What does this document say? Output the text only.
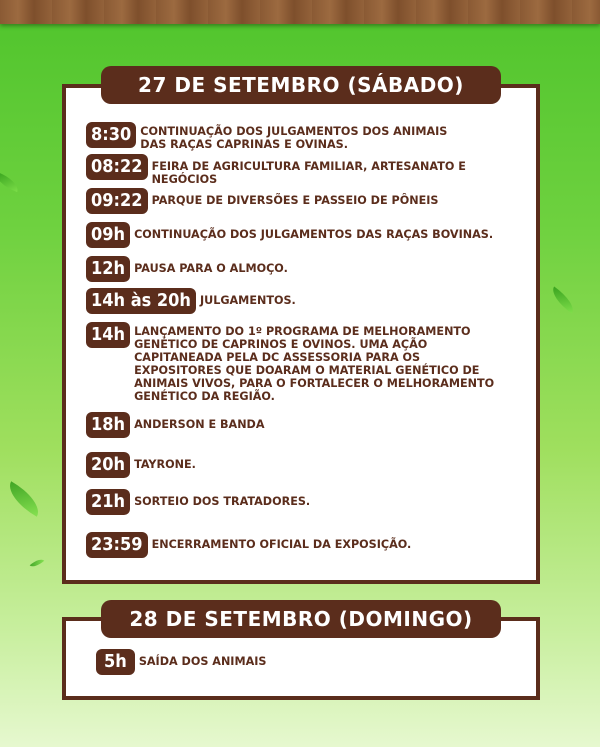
27 DE SETEMBRO (SÁBADO)
28 DE SETEMBRO (DOMINGO)
8:30 CONTINUAÇÃO DOS JULGAMENTOS DOS ANIMAIS DAS RAÇAS CAPRINAS E OVINAS.
08:22 FEIRA DE AGRICULTURA FAMILIAR, ARTESANATO E NEGÓCIOS
09:22 PARQUE DE DIVERSÕES E PASSEIO DE PÔNEIS
09h CONTINUAÇÃO DOS JULGAMENTOS DAS RAÇAS BOVINAS.
12h PAUSA PARA O ALMOÇO.
14h às 20h JULGAMENTOS.
14h LANÇAMENTO DO 1º PROGRAMA DE MELHORAMENTO GENÉTICO DE CAPRINOS E OVINOS. UMA AÇÃO CAPITANEADA PELA DC ASSESSORIA PARA OS EXPOSITORES QUE DOARAM O MATERIAL GENÉTICO DE ANIMAIS VIVOS, PARA O FORTALECER O MELHORAMENTO GENÉTICO DA REGIÃO.
18h ANDERSON E BANDA
20h TAYRONE.
21h SORTEIO DOS TRATADORES.
23:59 ENCERRAMENTO OFICIAL DA EXPOSIÇÃO.
5h	SAÍDA DOS ANIMAIS
